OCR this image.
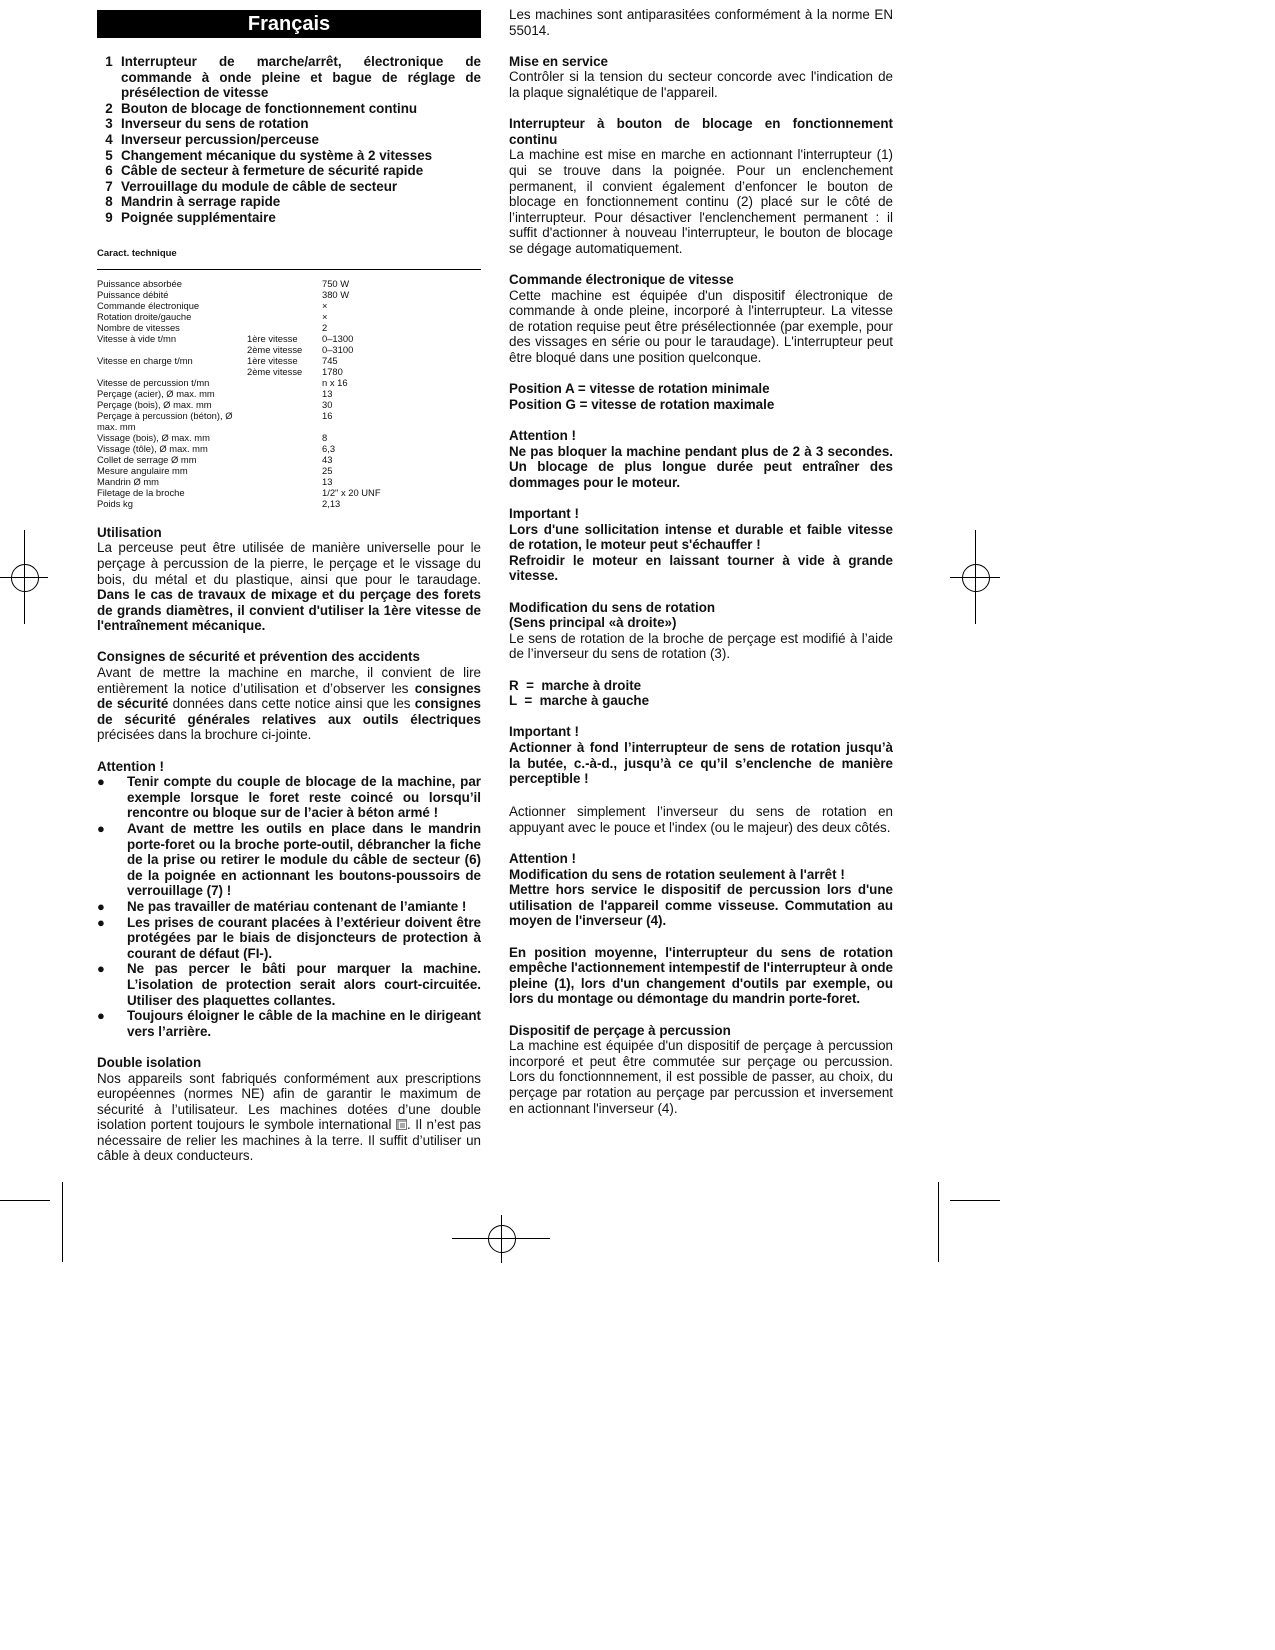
Français
1 Interrupteur de marche/arrêt, électronique de commande à onde pleine et bague de réglage de présélection de vitesse
2 Bouton de blocage de fonctionnement continu
3 Inverseur du sens de rotation
4 Inverseur percussion/perceuse
5 Changement mécanique du système à 2 vitesses
6 Câble de secteur à fermeture de sécurité rapide
7 Verrouillage du module de câble de secteur
8 Mandrin à serrage rapide
9 Poignée supplémentaire
Caract. technique
Puissance absorbée		750 W
Puissance débité		380 W
Commande électronique		×
Rotation droite/gauche		×
Nombre de vitesses		2
Vitesse à vide t/mn	1ère vitesse	0–1300
	2ème vitesse	0–3100
Vitesse en charge t/mn	1ère vitesse	745
	2ème vitesse	1780
Vitesse de percussion t/mn		n x 16
Perçage (acier), Ø max. mm		13
Perçage (bois), Ø max. mm		30
Perçage à percussion (béton), Ø max. mm		16
Vissage (bois), Ø max. mm		8
Vissage (tôle), Ø max. mm		6,3
Collet de serrage Ø mm		43
Mesure angulaire mm		25
Mandrin Ø mm		13
Filetage de la broche		1/2" x 20 UNF
Poids kg		2,13

Utilisation

La perceuse peut être utilisée de manière universelle pour le perçage à percussion de la pierre, le perçage et le vissage du bois, du métal et du plastique, ainsi que pour le taraudage. Dans le cas de travaux de mixage et du perçage des forets de grands diamètres, il convient d'utiliser la 1ère vitesse de l'entraînement mécanique.

Consignes de sécurité et prévention des accidents

Avant de mettre la machine en marche, il convient de lire entièrement la notice d’utilisation et d’observer les consignes de sécurité données dans cette notice ainsi que les consignes de sécurité générales relatives aux outils électriques précisées dans la brochure ci-jointe.

Attention !

●	Tenir compte du couple de blocage de la machine, par exemple lorsque le foret reste coincé ou lorsqu’il rencontre ou bloque sur de l’acier à béton armé !
●	Avant de mettre les outils en place dans le mandrin porte-foret ou la broche porte-outil, débrancher la fiche de la prise ou retirer le module du câble de secteur (6) de la poignée en actionnant les boutons-poussoirs de verrouillage (7) !
●	Ne pas travailler de matériau contenant de l’amiante !
●	Les prises de courant placées à l’extérieur doivent être protégées par le biais de disjoncteurs de protection à courant de défaut (FI-).
●	Ne pas percer le bâti pour marquer la machine. L’isolation de protection serait alors court-circuitée. Utiliser des plaquettes collantes.
●	Toujours éloigner le câble de la machine en le dirigeant vers l’arrière.

Double isolation

Nos appareils sont fabriqués conformément aux prescriptions européennes (normes NE) afin de garantir le maximum de sécurité à l’utilisateur. Les machines dotées d’une double isolation portent toujours le symbole international . Il n’est pas nécessaire de relier les machines à la terre. Il suffit d’utiliser un câble à deux conducteurs.

Les machines sont antiparasitées conformément à la norme EN 55014.

Mise en service

Contrôler si la tension du secteur concorde avec l'indication de la plaque signalétique de l'appareil.

Interrupteur à bouton de blocage en fonctionnement continu

La machine est mise en marche en actionnant l'interrupteur (1) qui se trouve dans la poignée. Pour un enclenchement permanent, il convient également d’enfoncer le bouton de blocage en fonctionnement continu (2) placé sur le côté de l’interrupteur. Pour désactiver l'enclenchement permanent : il suffit d'actionner à nouveau l'interrupteur, le bouton de blocage se dégage automatiquement.

Commande électronique de vitesse

Cette machine est équipée d'un dispositif électronique de commande à onde pleine, incorporé à l'interrupteur. La vitesse de rotation requise peut être présélectionnée (par exemple, pour des vissages en série ou pour le taraudage). L'interrupteur peut être bloqué dans une position quelconque.

Position A = vitesse de rotation minimale

Position G = vitesse de rotation maximale

Attention !

Ne pas bloquer la machine pendant plus de 2 à 3 secondes. Un blocage de plus longue durée peut entraîner des dommages pour le moteur.

Important !

Lors d'une sollicitation intense et durable et faible vitesse de rotation, le moteur peut s'échauffer !

Refroidir le moteur en laissant tourner à vide à grande vitesse.

Modification du sens de rotation

(Sens principal «à droite»)

Le sens de rotation de la broche de perçage est modifié à l’aide de l’inverseur du sens de rotation (3).

R  =  marche à droite

L  =  marche à gauche

Important !

Actionner à fond l’interrupteur de sens de rotation jusqu’à la butée, c.-à-d., jusqu’à ce qu’il s’enclenche de manière perceptible !

Actionner simplement l’inverseur du sens de rotation en appuyant avec le pouce et l'index (ou le majeur) des deux côtés.

Attention !

Modification du sens de rotation seulement à l'arrêt !

Mettre hors service le dispositif de percussion lors d'une utilisation de l'appareil comme visseuse. Commutation au moyen de l'inverseur (4).

En position moyenne, l'interrupteur du sens de rotation empêche l'actionnement intempestif de l'interrupteur à onde pleine (1), lors d'un changement d'outils par exemple, ou lors du montage ou démontage du mandrin porte-foret.

Dispositif de perçage à percussion

La machine est équipée d'un dispositif de perçage à percussion incorporé et peut être commutée sur perçage ou percussion. Lors du fonctionnnement, il est possible de passer, au choix, du perçage par rotation au perçage par percussion et inversement en actionnant l'inverseur (4).
